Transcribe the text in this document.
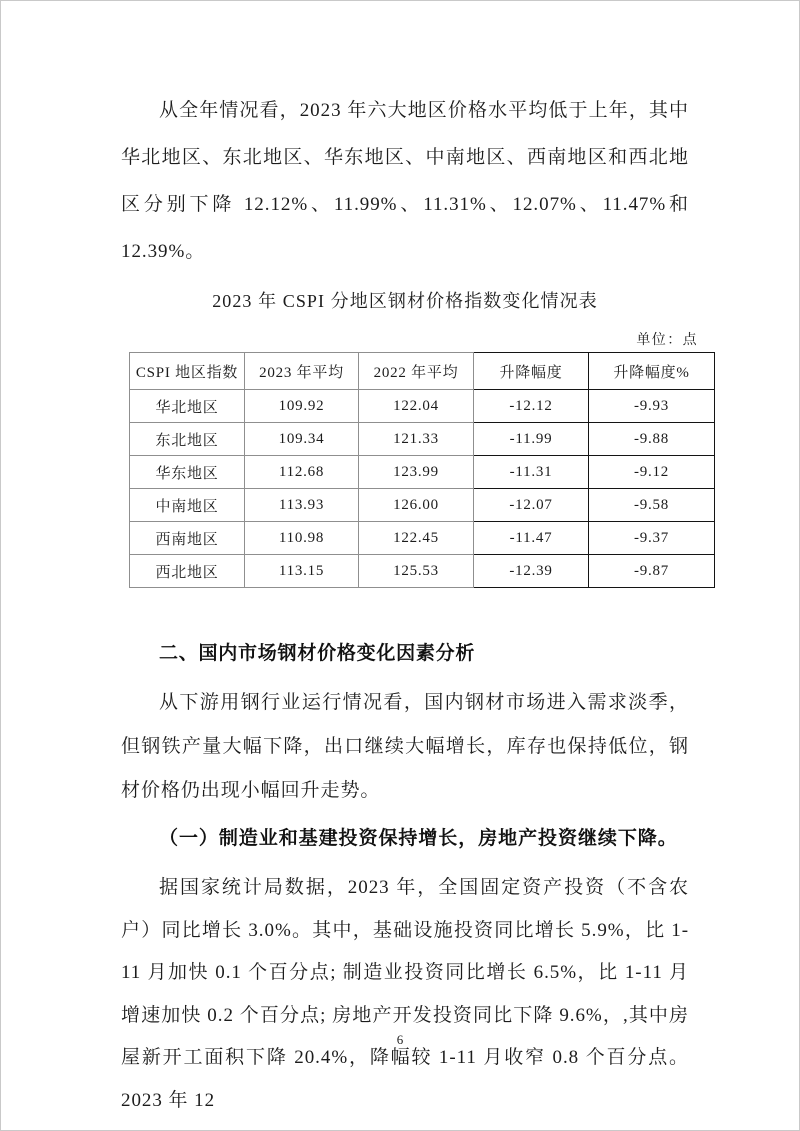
从全年情况看，2023 年六大地区价格水平均低于上年，其中华北地区、东北地区、华东地区、中南地区、西南地区和西北地区分别下降 12.12%、11.99%、11.31%、12.07%、11.47%和 12.39%。

2023 年 CSPI 分地区钢材价格指数变化情况表
单位：点
CSPI 地区指数	2023 年平均	2022 年平均	升降幅度	升降幅度%
华北地区	109.92	122.04	-12.12	-9.93
东北地区	109.34	121.33	-11.99	-9.88
华东地区	112.68	123.99	-11.31	-9.12
中南地区	113.93	126.00	-12.07	-9.58
西南地区	110.98	122.45	-11.47	-9.37
西北地区	113.15	125.53	-12.39	-9.87
二、国内市场钢材价格变化因素分析

从下游用钢行业运行情况看，国内钢材市场进入需求淡季，但钢铁产量大幅下降，出口继续大幅增长，库存也保持低位，钢材价格仍出现小幅回升走势。

（一）制造业和基建投资保持增长，房地产投资继续下降。

据国家统计局数据，2023 年，全国固定资产投资（不含农户）同比增长 3.0%。其中，基础设施投资同比增长 5.9%，比 1-11 月加快 0.1 个百分点; 制造业投资同比增长 6.5%，比 1-11 月增速加快 0.2 个百分点; 房地产开发投资同比下降 9.6%，,其中房屋新开工面积下降 20.4%，降幅较 1-11 月收窄 0.8 个百分点。2023 年 12

6
